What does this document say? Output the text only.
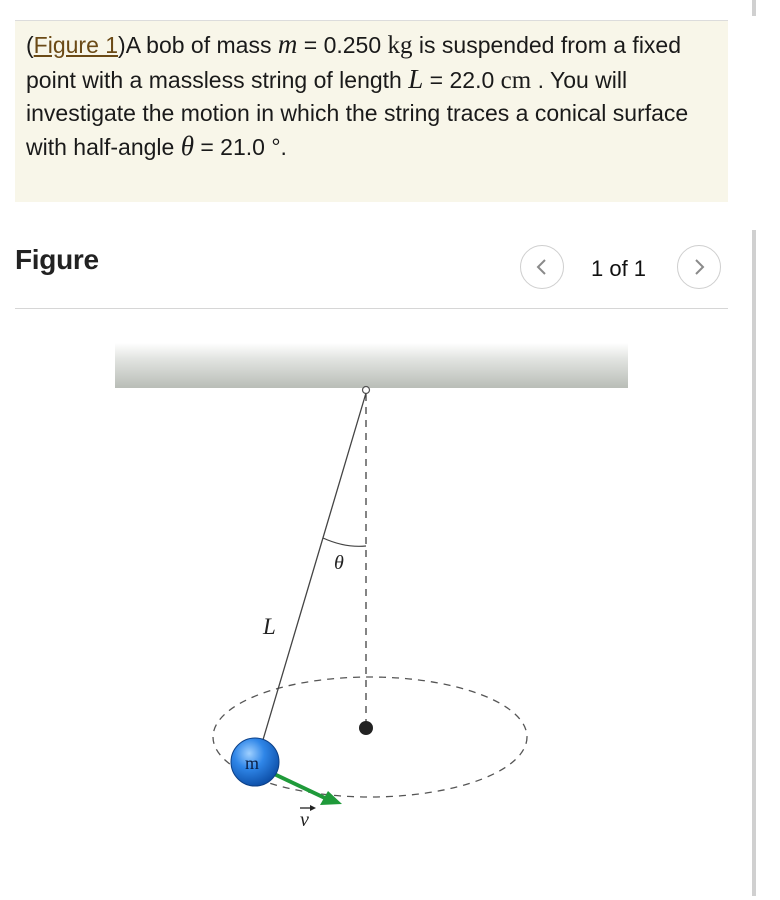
(Figure 1)A bob of mass m = 0.250 kg is suspended from a fixed point with a massless string of length L = 22.0 cm . You will investigate the motion in which the string traces a conical surface with half-angle θ = 21.0 °.
Figure	1 of 1
θ
L
m
v
